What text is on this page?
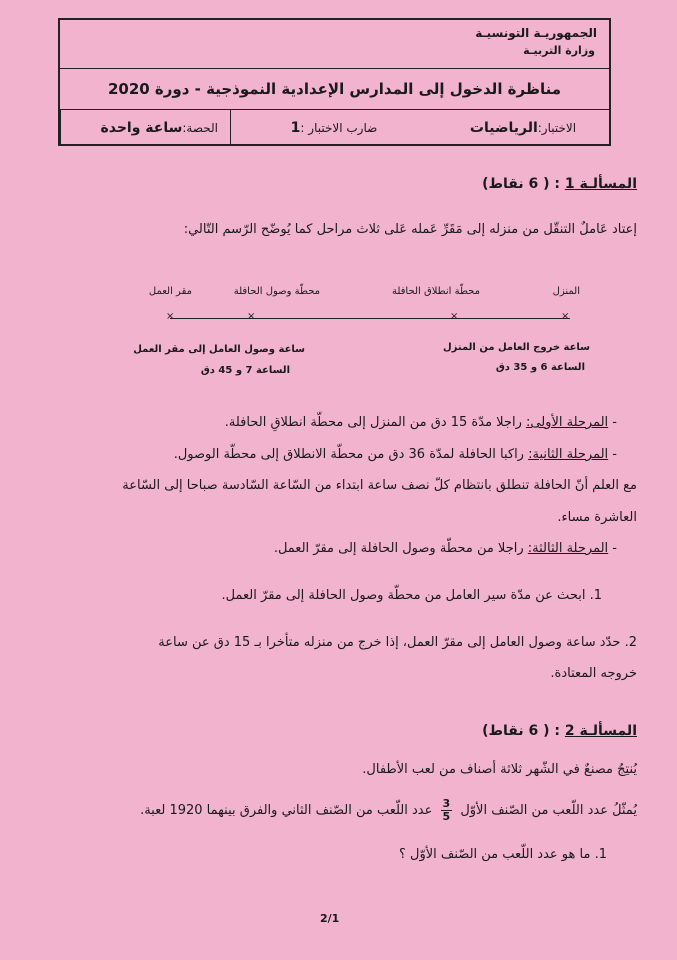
الجمهوريـة التونسيـة
وزارة التربيـة
مناظرة الدخول إلى المدارس الإعدادية النموذجية - دورة 2020
الاختبار:
الرياضيات
ضارب الاختبار :
1
الحصة:
ساعة واحدة
المسألـة 1 : ( 6 نقاط)
إعتاد عَاملٌ التنقّل من منزله إلى مَقَرِّ عَمله عَلى ثلاث مراحل كما يُوضّح الرّسم التّالي:
المنزل
محطّة انطلاق الحافلة
محطّة وصول الحافلة
مقر العمل
×	×	×	×
ساعة خروج العامل من المنزل
الساعة 6 و 35 دق
ساعة وصول العامل إلى مقر العمل
الساعة 7 و 45 دق
- المرحلة الأولى: راجلا مدّة 15 دق من المنزل إلى محطّة انطلاقِ الحافلة.
- المرحلة الثانية: راكبا الحافلة لمدّة 36 دق من محطّة الانطلاق إلى محطّة الوصول.
مع العلم أنّ الحافلة تنطلق بانتظام كلّ نصف ساعة ابتداء من السّاعة السّادسة صباحا إلى السّاعة
العاشرة مساء.
- المرحلة الثالثة: راجلا من محطّة وصول الحافلة إلى مقرّ العمل.
1. ابحث عن مدّة سير العامل من محطّة وصول الحافلة إلى مقرّ العمل.
2. حدّد ساعة وصول العامل إلى مقرّ العمل، إذا خرج من منزله متأخرا بـ 15 دق عن ساعة
خروجه المعتادة.
المسألـة 2 : ( 6 نقاط)
يُنتِجُ مصنعٌ في الشّهر ثلاثة أصناف من لعب الأطفال.
يُمثّلُ عدد اللّعب من الصّنف الأوّل
$\frac{3}{5}$
عدد اللّعب من الصّنف الثاني والفرق بينهما 1920 لعبة.
1. ما هو عدد اللّعب من الصّنف الأوّل ؟
2/1
